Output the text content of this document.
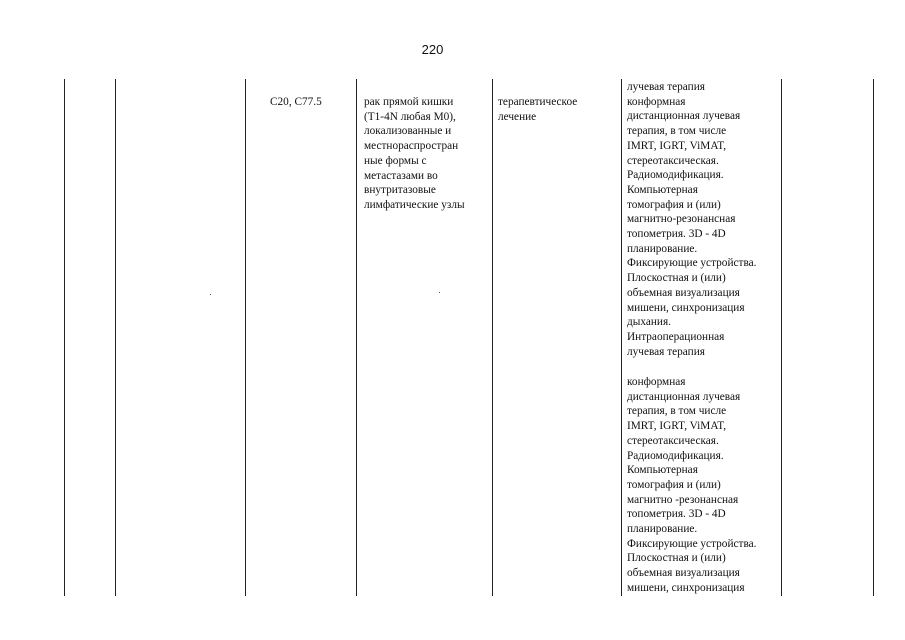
220
C20, C77.5	рак прямой кишки
(T1-4N любая M0),
локализованные и
местнораспростран
ные формы с
метастазами во
внутритазовые
лимфатические узлы
терапевтическое
лечение
лучевая терапия
конформная
дистанционная лучевая
терапия, в том числе
IMRT, IGRT, ViMAT,
стереотаксическая.
Радиомодификация.
Компьютерная
томография и (или)
магнитно-резонансная
топометрия. 3D - 4D
планирование.
Фиксирующие устройства.
Плоскостная и (или)
объемная визуализация
мишени, синхронизация
дыхания.
Интраоперационная
лучевая терапия
конформная
дистанционная лучевая
терапия, в том числе
IMRT, IGRT, ViMAT,
стереотаксическая.
Радиомодификация.
Компьютерная
томография и (или)
магнитно -резонансная
топометрия. 3D - 4D
планирование.
Фиксирующие устройства.
Плоскостная и (или)
объемная визуализация
мишени, синхронизация
